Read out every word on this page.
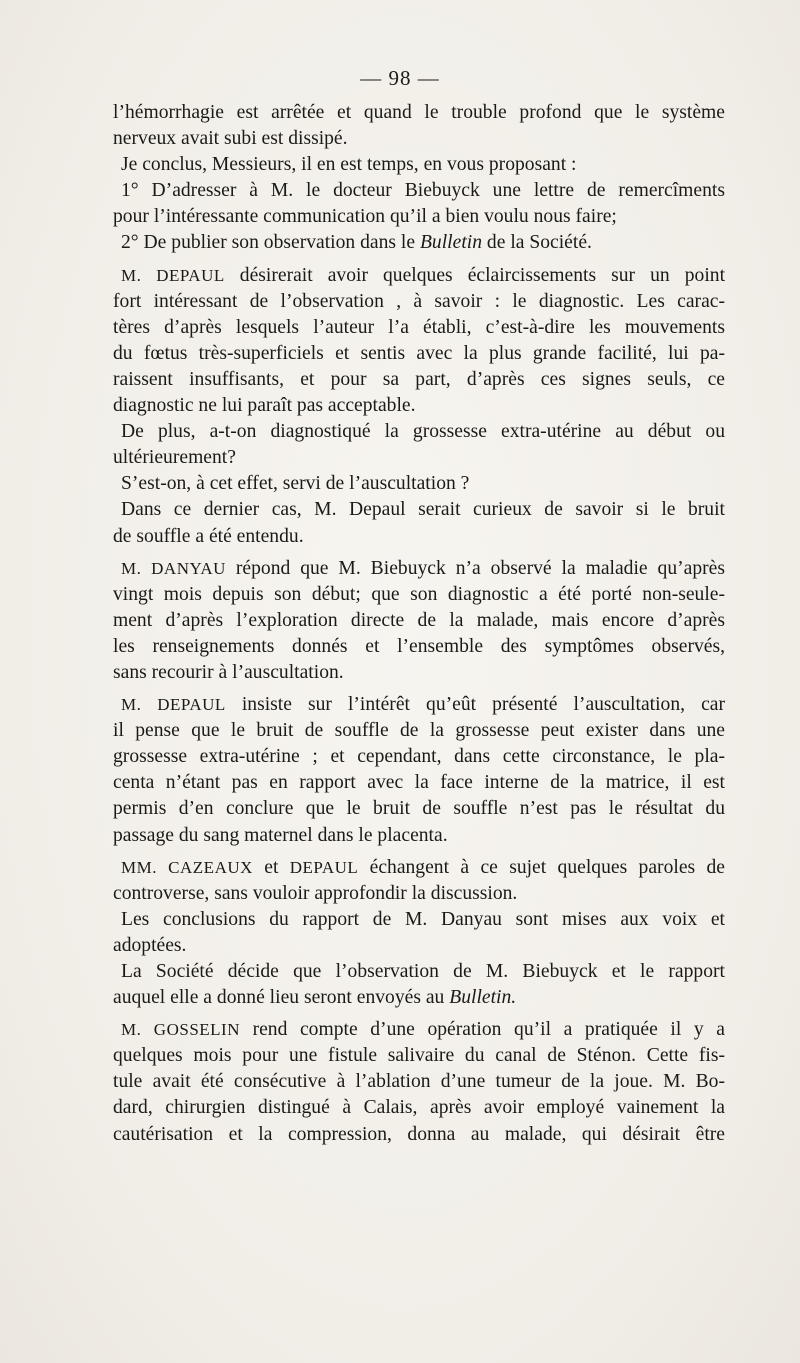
— 98 —
l’hémorrhagie est arrêtée et quand le trouble profond que le système
nerveux avait subi est dissipé.
Je conclus, Messieurs, il en est temps, en vous proposant :
1° D’adresser à M. le docteur Biebuyck une lettre de remercîments
pour l’intéressante communication qu’il a bien voulu nous faire;
2° De publier son observation dans le Bulletin de la Société.
M. DEPAUL désirerait avoir quelques éclaircissements sur un point
fort intéressant de l’observation , à savoir : le diagnostic. Les carac-
tères d’après lesquels l’auteur l’a établi, c’est-à-dire les mouvements
du fœtus très-superficiels et sentis avec la plus grande facilité, lui pa-
raissent insuffisants, et pour sa part, d’après ces signes seuls, ce
diagnostic ne lui paraît pas acceptable.
De plus, a-t-on diagnostiqué la grossesse extra-utérine au début ou
ultérieurement?
S’est-on, à cet effet, servi de l’auscultation ?
Dans ce dernier cas, M. Depaul serait curieux de savoir si le bruit
de souffle a été entendu.
M. DANYAU répond que M. Biebuyck n’a observé la maladie qu’après
vingt mois depuis son début; que son diagnostic a été porté non-seule-
ment d’après l’exploration directe de la malade, mais encore d’après
les renseignements donnés et l’ensemble des symptômes observés,
sans recourir à l’auscultation.
M. DEPAUL insiste sur l’intérêt qu’eût présenté l’auscultation, car
il pense que le bruit de souffle de la grossesse peut exister dans une
grossesse extra-utérine ; et cependant, dans cette circonstance, le pla-
centa n’étant pas en rapport avec la face interne de la matrice, il est
permis d’en conclure que le bruit de souffle n’est pas le résultat du
passage du sang maternel dans le placenta.
MM. CAZEAUX et DEPAUL échangent à ce sujet quelques paroles de
controverse, sans vouloir approfondir la discussion.
Les conclusions du rapport de M. Danyau sont mises aux voix et
adoptées.
La Société décide que l’observation de M. Biebuyck et le rapport
auquel elle a donné lieu seront envoyés au Bulletin.
M. GOSSELIN rend compte d’une opération qu’il a pratiquée il y a
quelques mois pour une fistule salivaire du canal de Sténon. Cette fis-
tule avait été consécutive à l’ablation d’une tumeur de la joue. M. Bo-
dard, chirurgien distingué à Calais, après avoir employé vainement la
cautérisation et la compression, donna au malade, qui désirait être
